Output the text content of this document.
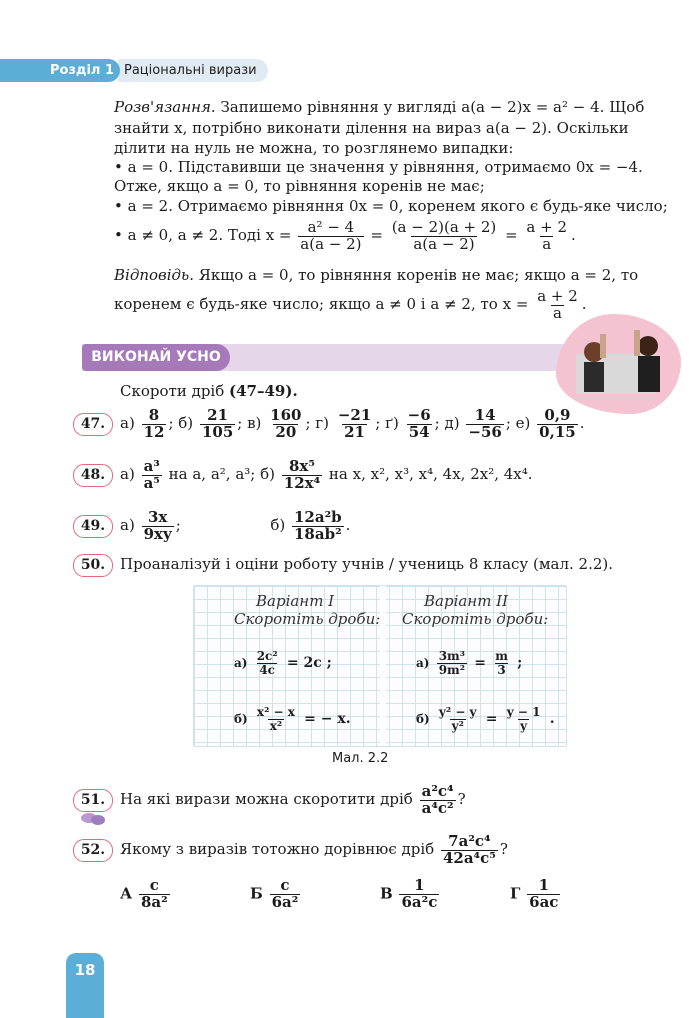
Раціональні вирази
Розділ 1
Розв'язання. Запишемо рівняння у вигляді a(a − 2)x = a² − 4. Щоб
знайти x, потрібно виконати ділення на вираз a(a − 2). Оскільки
ділити на нуль не можна, то розглянемо випадки:
• a = 0. Підставивши це значення у рівняння, отримаємо 0x = −4.
Отже, якщо a = 0, то рівняння коренів не має;
• a = 2. Отримаємо рівняння 0x = 0, коренем якого є будь-яке число;
• a ≠ 0, a ≠ 2. Тоді $x = \frac{\text{a² − 4}}{a(a - 2)} = \frac{(a - 2)(a + 2)}{a(a - 2)} = \frac{a + 2}{a}$ .
Відповідь. Якщо a = 0, то рівняння коренів не має; якщо a = 2, то
коренем є будь-яке число; якщо a ≠ 0 і a ≠ 2, то $x = \frac{a + 2}{a}$ .
ВИКОНАЙ УСНО
Скороти дріб (47–49).
47. $а) \frac{8}{12}$ ; $б) \frac{21}{105}$ ; $в) \frac{160}{20}$ ; $г) \frac{-21}{21}$ ; $ґ) \frac{-6}{54}$ ; $д) \frac{14}{-56}$ ; $е) \frac{0,9}{0,15}$ .
48. $а) \frac{\text{a³}}{\text{a⁵}}$ на a, a², a³; $б) \frac{\text{8x⁵}}{\text{12x⁴}}$ на x, x², x³, x⁴, 4x, 2x², 4x⁴.
49. $а) \frac{3x}{9xy}$ ;	$б) \frac{\text{12a²b}}{\text{18ab²}}$ .
50. Проаналізуй і оціни роботу учнів / учениць 8 класу (мал. 2.2).
Варіант I
Скоротіть дроби:
$а) \frac{\text{2c²}}{4c} = 2c$ ;
$б) \frac{\text{x² − x}}{\text{x²}}$ = − x.
Варіант II
Скоротіть дроби:
$а) \frac{\text{3m³}}{\text{9m²}} = \frac{m}{3}$ ;
$б) \frac{\text{y² − y}}{\text{y²}} = \frac{y - 1}{y}$ .
Мал. 2.2
51. На які вирази можна скоротити дріб $\frac{\text{a²c⁴}}{\text{a⁴c²}}$ ?
52. Якому з виразів тотожно дорівнює дріб $\frac{\text{7a²c⁴}}{\text{42a⁴c⁵}}$ ?
А $\frac{c}{\text{8a²}}$	Б $\frac{c}{\text{6a²}}$	В $\frac{1}{\text{6a²c}}$	Г $\frac{1}{6ac}$
18
